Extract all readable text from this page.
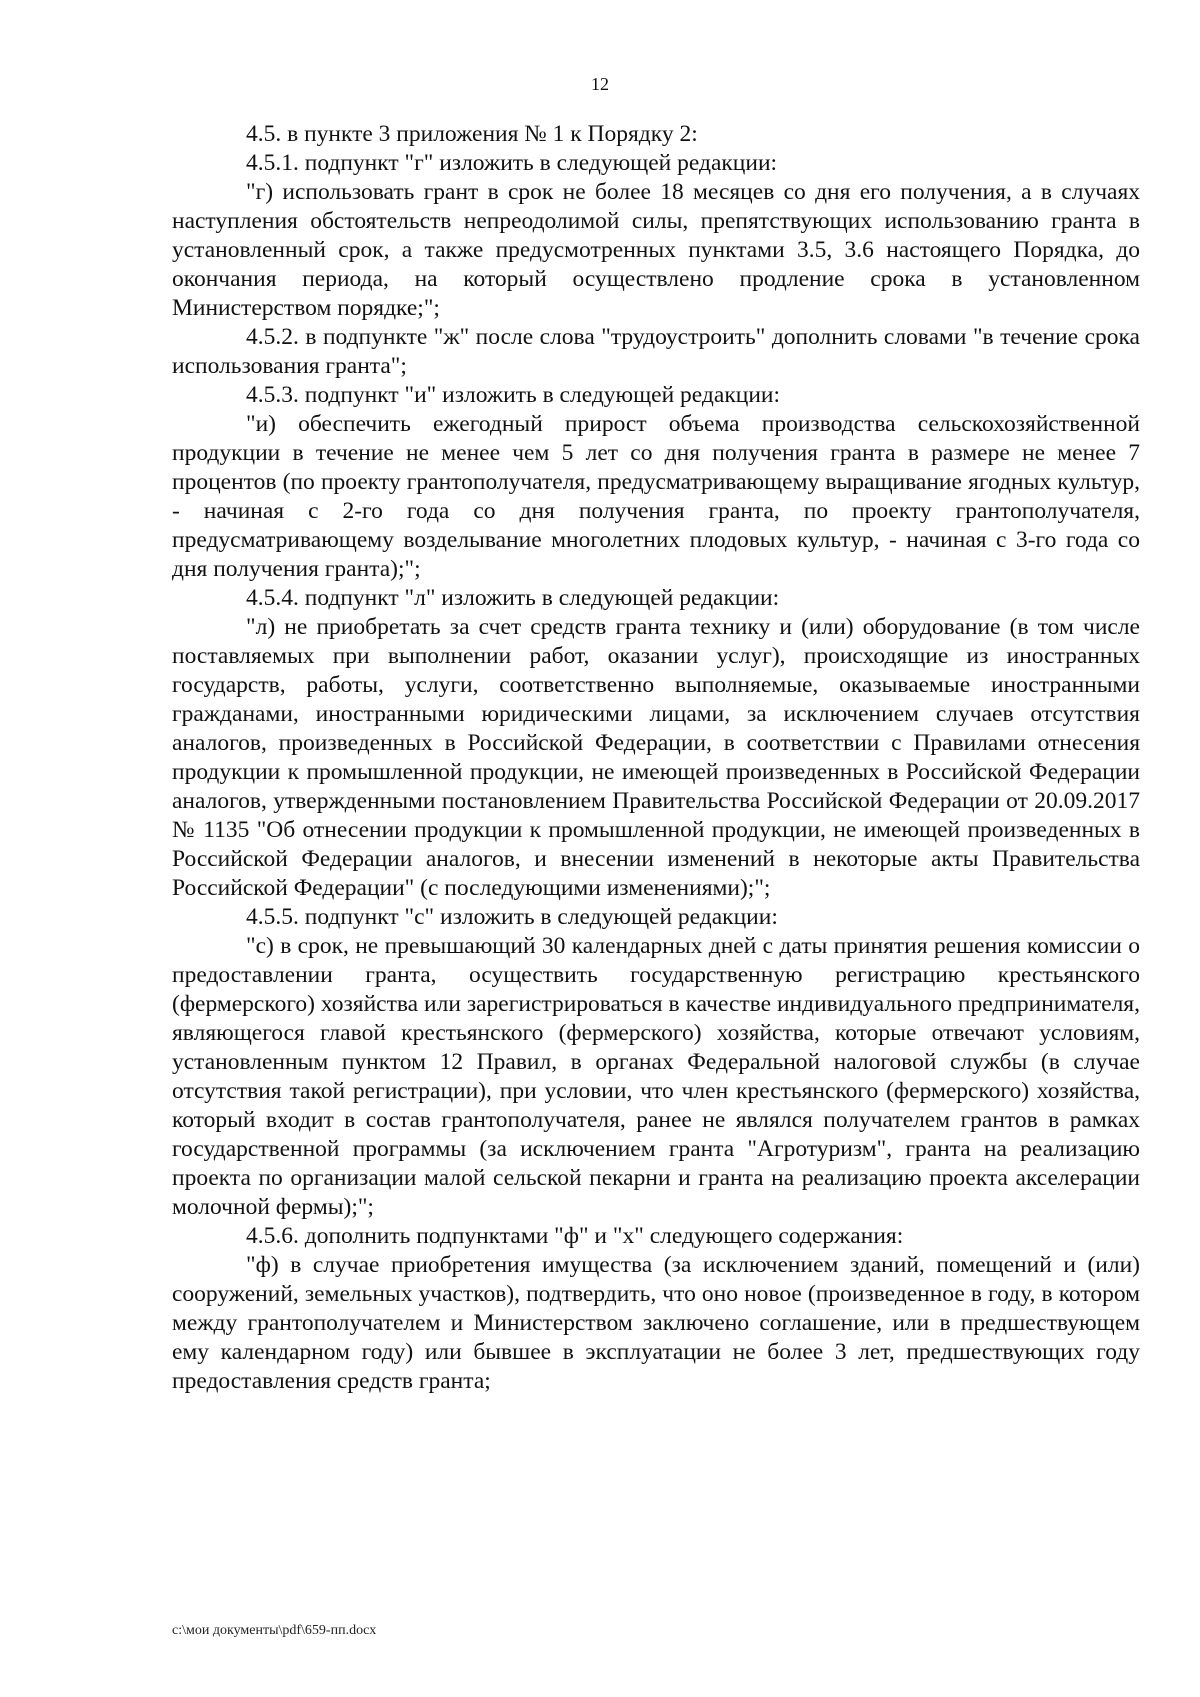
12

4.5. в пункте 3 приложения № 1 к Порядку 2:

4.5.1. подпункт "г" изложить в следующей редакции:

"г) использовать грант в срок не более 18 месяцев со дня его получения, а в случаях наступления обстоятельств непреодолимой силы, препятствующих использованию гранта в установленный срок, а также предусмотренных пунктами 3.5, 3.6 настоящего Порядка, до окончания периода, на который осуществлено продление срока в установленном Министерством порядке;";

4.5.2. в подпункте "ж" после слова "трудоустроить" дополнить словами "в течение срока использования гранта";

4.5.3. подпункт "и" изложить в следующей редакции:

"и) обеспечить ежегодный прирост объема производства сельскохозяйственной продукции в течение не менее чем 5 лет со дня получения гранта в размере не менее 7 процентов (по проекту грантополучателя, предусматривающему выращивание ягодных культур, - начиная с 2-го года со дня получения гранта, по проекту грантополучателя, предусматривающему возделывание многолетних плодовых культур, - начиная с 3-го года со дня получения гранта);";

4.5.4. подпункт "л" изложить в следующей редакции:

"л) не приобретать за счет средств гранта технику и (или) оборудование (в том числе поставляемых при выполнении работ, оказании услуг), происходящие из иностранных государств, работы, услуги, соответственно выполняемые, оказываемые иностранными гражданами, иностранными юридическими лицами, за исключением случаев отсутствия аналогов, произведенных в Российской Федерации, в соответствии с Правилами отнесения продукции к промышленной продукции, не имеющей произведенных в Российской Федерации аналогов, утвержденными постановлением Правительства Российской Федерации от 20.09.2017 № 1135 "Об отнесении продукции к промышленной продукции, не имеющей произведенных в Российской Федерации аналогов, и внесении изменений в некоторые акты Правительства Российской Федерации" (с последующими изменениями);";

4.5.5. подпункт "с" изложить в следующей редакции:

"с) в срок, не превышающий 30 календарных дней с даты принятия решения комиссии о предоставлении гранта, осуществить государственную регистрацию крестьянского (фермерского) хозяйства или зарегистрироваться в качестве индивидуального предпринимателя, являющегося главой крестьянского (фермерского) хозяйства, которые отвечают условиям, установленным пунктом 12 Правил, в органах Федеральной налоговой службы (в случае отсутствия такой регистрации), при условии, что член крестьянского (фермерского) хозяйства, который входит в состав грантополучателя, ранее не являлся получателем грантов в рамках государственной программы (за исключением гранта "Агротуризм", гранта на реализацию проекта по организации малой сельской пекарни и гранта на реализацию проекта акселерации молочной фермы);";

4.5.6. дополнить подпунктами "ф" и "х" следующего содержания:

"ф) в случае приобретения имущества (за исключением зданий, помещений и (или) сооружений, земельных участков), подтвердить, что оно новое (произведенное в году, в котором между грантополучателем и Министерством заключено соглашение, или в предшествующем ему календарном году) или бывшее в эксплуатации не более 3 лет, предшествующих году предоставления средств гранта;

c:\мои документы\pdf\659-пп.docx
